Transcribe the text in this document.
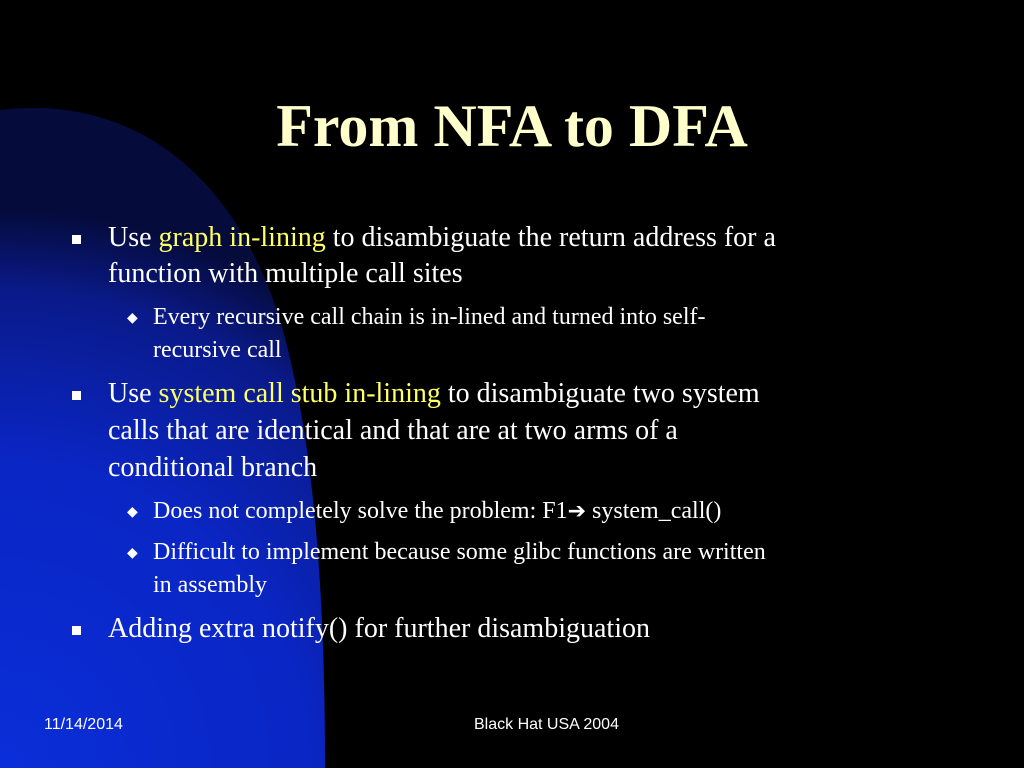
From NFA to DFA
Use graph in-lining to disambiguate the return address for a
function with multiple call sites
◆ Every recursive call chain is in-lined and turned into self-
recursive call
Use system call stub in-lining to disambiguate two system
calls that are identical and that are at two arms of a
conditional branch
◆ Does not completely solve the problem: F1➔ system_call()
◆ Difficult to implement because some glibc functions are written
in assembly
Adding extra notify() for further disambiguation
11/14/2014	Black Hat USA 2004
